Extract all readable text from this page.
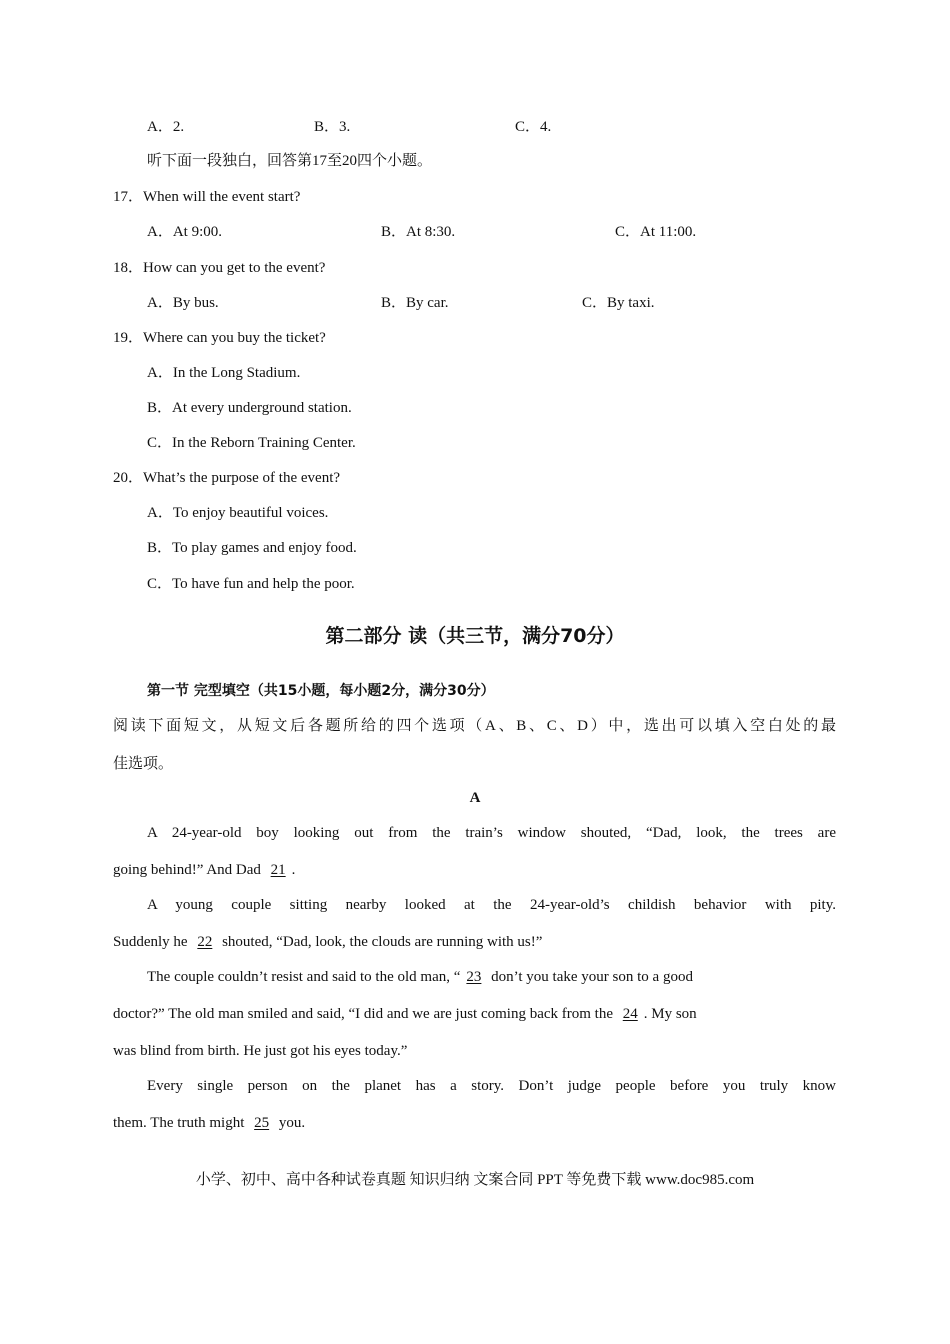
A．2.	B．3.	C．4.
听下面一段独白，回答第17至20四个小题。
17．When will the event start?
A．At 9:00.	B．At 8:30.	C．At 11:00.
18．How can you get to the event?
A．By bus.	B．By car.	C．By taxi.
19．Where can you buy the ticket?
A．In the Long Stadium.
B．At every underground station.
C．In the Reborn Training Center.
20．What’s the purpose of the event?
A．To enjoy beautiful voices.
B．To play games and enjoy food.
C．To have fun and help the poor.
第二部分 读（共三节，满分70分）
第一节 完型填空（共15小题，每小题2分，满分30分）
阅读下面短文，从短文后各题所给的四个选项（A、B、C、D）中，选出可以填入空白处的最
佳选项。
A
A 24-year-old boy looking out from the train’s window shouted, “Dad, look, the trees are
going behind!” And Dad 21 .
A young couple sitting nearby looked at the 24-year-old’s childish behavior with pity.
Suddenly he 22 shouted, “Dad, look, the clouds are running with us!”
The couple couldn’t resist and said to the old man, “ 23 don’t you take your son to a good
doctor?” The old man smiled and said, “I did and we are just coming back from the 24 . My son
was blind from birth. He just got his eyes today.”
Every single person on the planet has a story. Don’t judge people before you truly know
them. The truth might 25 you.
小学、初中、高中各种试卷真题 知识归纳 文案合同 PPT 等免费下载 www.doc985.com
